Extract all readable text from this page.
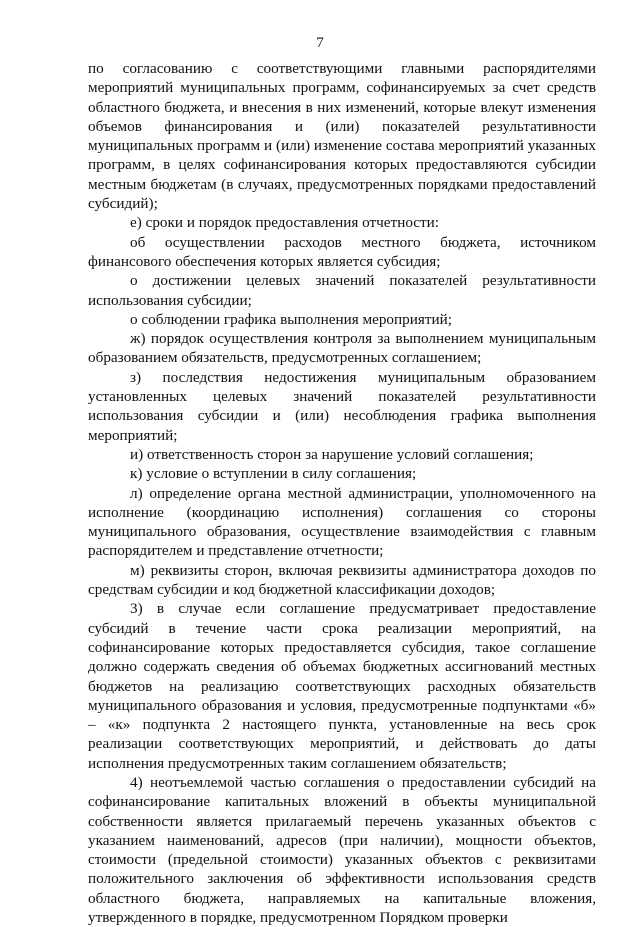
7

по согласованию с соответствующими главными распорядителями мероприятий муниципальных программ, софинансируемых за счет средств областного бюджета, и внесения в них изменений, которые влекут изменения объемов финансирования и (или) показателей результативности муниципальных программ и (или) изменение состава мероприятий указанных программ, в целях софинансирования которых предоставляются субсидии местным бюджетам (в случаях, предусмотренных порядками предоставлений субсидий);

е) сроки и порядок предоставления отчетности:

об осуществлении расходов местного бюджета, источником финансового обеспечения которых является субсидия;

о достижении целевых значений показателей результативности использования субсидии;

о соблюдении графика выполнения мероприятий;

ж) порядок осуществления контроля за выполнением муниципальным образованием обязательств, предусмотренных соглашением;

з) последствия недостижения муниципальным образованием установленных целевых значений показателей результативности использования субсидии и (или) несоблюдения графика выполнения мероприятий;

и) ответственность сторон за нарушение условий соглашения;

к) условие о вступлении в силу соглашения;

л) определение органа местной администрации, уполномоченного на исполнение (координацию исполнения) соглашения со стороны муниципального образования, осуществление взаимодействия с главным распорядителем и представление отчетности;

м) реквизиты сторон, включая реквизиты администратора доходов по средствам субсидии и код бюджетной классификации доходов;

3) в случае если соглашение предусматривает предоставление субсидий в течение части срока реализации мероприятий, на софинансирование которых предоставляется субсидия, такое соглашение должно содержать сведения об объемах бюджетных ассигнований местных бюджетов на реализацию соответствующих расходных обязательств муниципального образования и условия, предусмотренные подпунктами «б» – «к» подпункта 2 настоящего пункта, установленные на весь срок реализации соответствующих мероприятий, и действовать до даты исполнения предусмотренных таким соглашением обязательств;

4) неотъемлемой частью соглашения о предоставлении субсидий на софинансирование капитальных вложений в объекты муниципальной собственности является прилагаемый перечень указанных объектов с указанием наименований, адресов (при наличии), мощности объектов, стоимости (предельной стоимости) указанных объектов с реквизитами положительного заключения об эффективности использования средств областного бюджета, направляемых на капитальные вложения, утвержденного в порядке, предусмотренном Порядком проверки
